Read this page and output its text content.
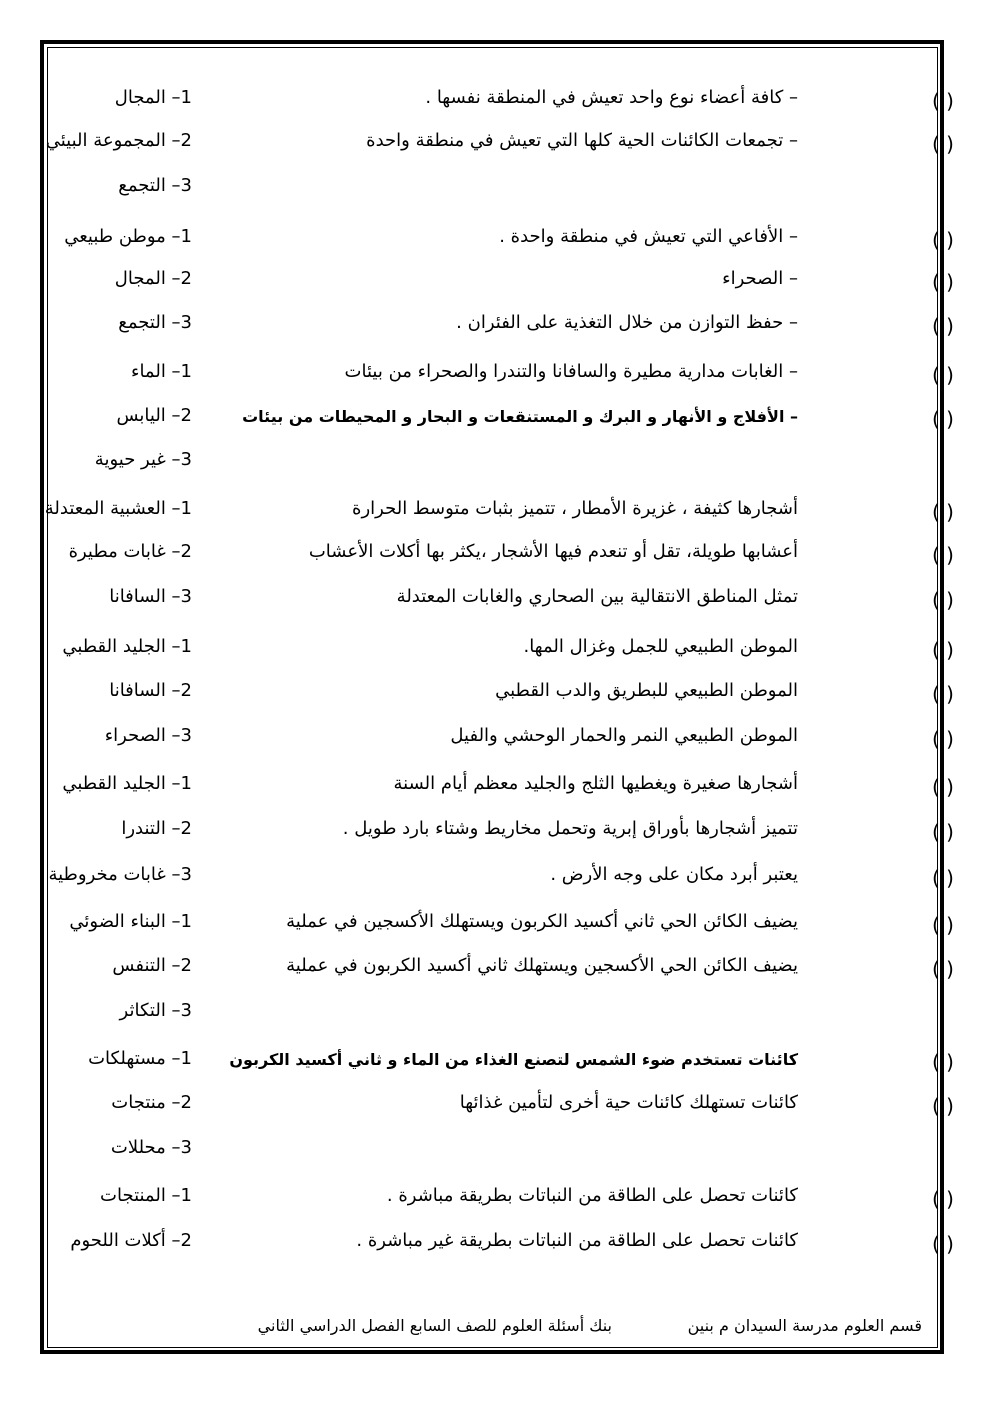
( )
– كافة أعضاء نوع واحد تعيش في المنطقة نفسها .
1– المجال
( )
– تجمعات الكائنات الحية كلها التي تعيش في منطقة واحدة
2– المجموعة البيئي
3– التجمع
( )
– الأفاعي التي تعيش في منطقة واحدة .
1– موطن طبيعي
( )
– الصحراء
2– المجال
( )
– حفظ التوازن من خلال التغذية على الفئران .
3– التجمع
( )
– الغابات مدارية مطيرة والسافانا والتندرا والصحراء من بيئات
1– الماء
( )
– الأفلاج و الأنهار و البرك و المستنقعات و البحار و المحيطات من بيئات
2– اليابس
3– غير حيوية
( )
أشجارها كثيفة ، غزيرة الأمطار ، تتميز بثبات متوسط الحرارة
1– العشبية المعتدلة
( )
أعشابها طويلة، تقل أو تنعدم فيها الأشجار ،يكثر بها أكلات الأعشاب
2– غابات مطيرة
( )
تمثل المناطق الانتقالية بين الصحاري والغابات المعتدلة
3– السافانا
( )
الموطن الطبيعي للجمل وغزال المها.
1– الجليد القطبي
( )
الموطن الطبيعي للبطريق والدب القطبي
2– السافانا
( )
الموطن الطبيعي النمر والحمار الوحشي والفيل
3– الصحراء
( )
أشجارها صغيرة ويغطيها الثلج والجليد معظم أيام السنة
1– الجليد القطبي
( )
تتميز أشجارها بأوراق إبرية وتحمل مخاريط وشتاء بارد طويل .
2– التندرا
( )
يعتبر أبرد مكان على وجه الأرض .
3– غابات مخروطية
( )
يضيف الكائن الحي ثاني أكسيد الكربون ويستهلك الأكسجين في عملية
1– البناء الضوئي
( )
يضيف الكائن الحي الأكسجين ويستهلك ثاني أكسيد الكربون في عملية
2– التنفس
3– التكاثر
( )
كائنات تستخدم ضوء الشمس لتصنع الغذاء من الماء و ثاني أكسيد الكربون
1– مستهلكات
( )
كائنات تستهلك كائنات حية أخرى لتأمين غذائها
2– منتجات
3– محللات
( )
كائنات تحصل على الطاقة من النباتات بطريقة مباشرة .
1– المنتجات
( )
كائنات تحصل على الطاقة من النباتات بطريقة غير مباشرة .
2– أكلات اللحوم
قسم العلوم مدرسة السيدان م بنين
بنك أسئلة العلوم للصف السابع الفصل الدراسي الثاني
